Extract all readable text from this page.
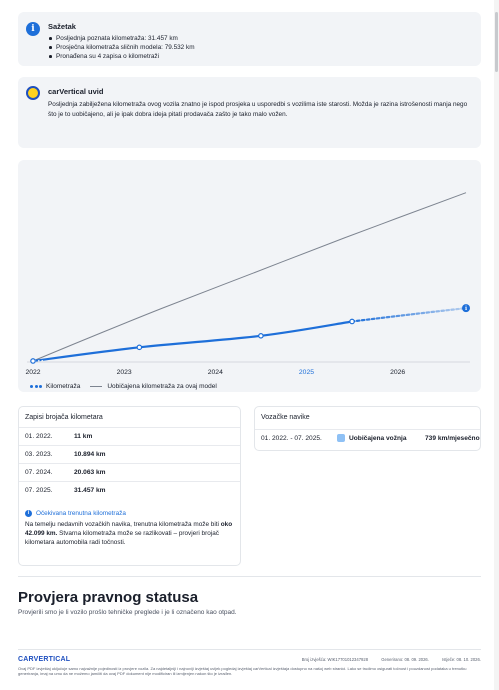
i	Sažetak
Posljednja poznata kilometraža: 31.457 km
Prosječna kilometraža sličnih modela: 79.532 km
Pronađena su 4 zapisa o kilometraži
carVertical uvid
Posljednja zabilježena kilometraža ovog vozila znatno je ispod prosjeka u usporedbi s vozilima iste starosti. Možda je razina istrošenosti manja nego što je to uobičajeno, ali je ipak dobra ideja pitati prodavača zašto je tako malo vožen.
2022	2023	2024	2025	2026
i
Kilometraža	Uobičajena kilometraža za ovaj model
Zapisi brojača kilometara
01. 2022.	11 km
03. 2023.	10.894 km
07. 2024.	20.063 km
07. 2025.	31.457 km
i	Očekivana trenutna kilometraža
Na temelju nedavnih vozačkih navika, trenutna kilometraža može biti oko 42.099 km. Stvarna kilometraža može se razlikovati – provjeri brojač kilometara automobila radi točnosti.
Vozačke navike
01. 2022. - 07. 2025.	Uobičajena vožnja	739 km/mjesečno
Provjera pravnog statusa
Provjerili smo je li vozilo prošlo tehničke preglede i je li označeno kao otpad.
CARVERTICAL	Broj izvješća: WIK17701012347928	Generirano: 08. 09. 2026.	Istječe: 08. 10. 2026.
Ovaj PDF izvještaj uključuje samo najvažnije pojedinosti iz provjere vozila. Za najdetaljniji i najnoviji izvještaj uvijek pogledaj izvještaj carVertical izvještaja dostupno na našoj web stranici. Lako se trudimo osigurati točnost i pouzdanost podataka u trenutku generiranja, imaj na umu da ne možemo jamčiti da ovaj PDF dokument nije modificiran ili izmijenjen nakon što je izrađen.
